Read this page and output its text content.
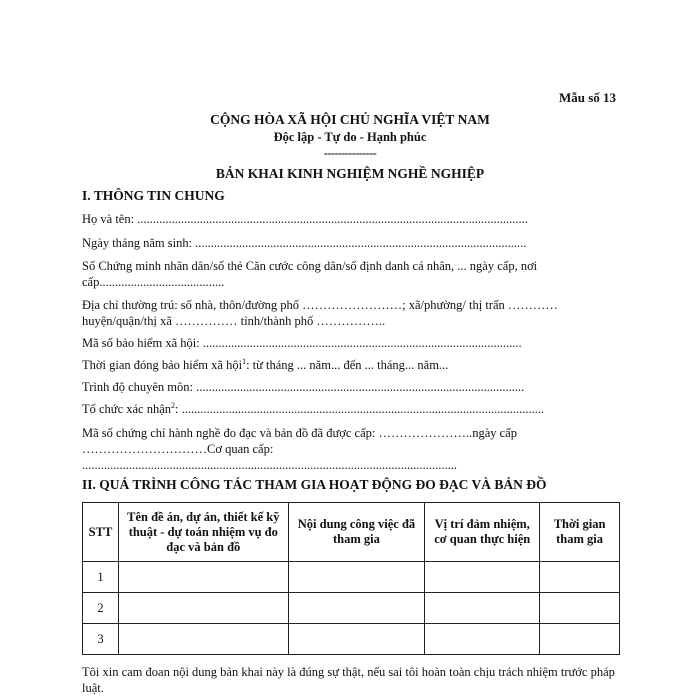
Mẫu số 13
CỘNG HÒA XÃ HỘI CHỦ NGHĨA VIỆT NAM
Độc lập - Tự do - Hạnh phúc
---------------
BẢN KHAI KINH NGHIỆM NGHỀ NGHIỆP
I. THÔNG TIN CHUNG
Họ và tên: .............................................................................................................................
Ngày tháng năm sinh: ..........................................................................................................
Số Chứng minh nhân dân/số thẻ Căn cước công dân/số định danh cá nhân, ... ngày cấp, nơi cấp........................................
Địa chỉ thường trú: số nhà, thôn/đường phố ……………………; xã/phường/ thị trấn ………… huyện/quận/thị xã …………… tỉnh/thành phố ……………..
Mã số bảo hiểm xã hội: ......................................................................................................
Thời gian đóng bảo hiểm xã hội$^1$: từ tháng ... năm... đến ... tháng... năm...
Trình độ chuyên môn: .........................................................................................................
Tổ chức xác nhận$^2$: ....................................................................................................................
Mã số chứng chỉ hành nghề đo đạc và bản đồ đã được cấp: …………………..ngày cấp …………………………Cơ quan cấp: ........................................................................................................................
II. QUÁ TRÌNH CÔNG TÁC THAM GIA HOẠT ĐỘNG ĐO ĐẠC VÀ BẢN ĐỒ
STT	Tên đề án, dự án, thiết kế kỹ thuật - dự toán nhiệm vụ đo đạc và bản đồ	Nội dung công việc đã tham gia	Vị trí đảm nhiệm, cơ quan thực hiện	Thời gian tham gia
1				
2				
3				
Tôi xin cam đoan nội dung bản khai này là đúng sự thật, nếu sai tôi hoàn toàn chịu trách nhiệm trước pháp luật.
